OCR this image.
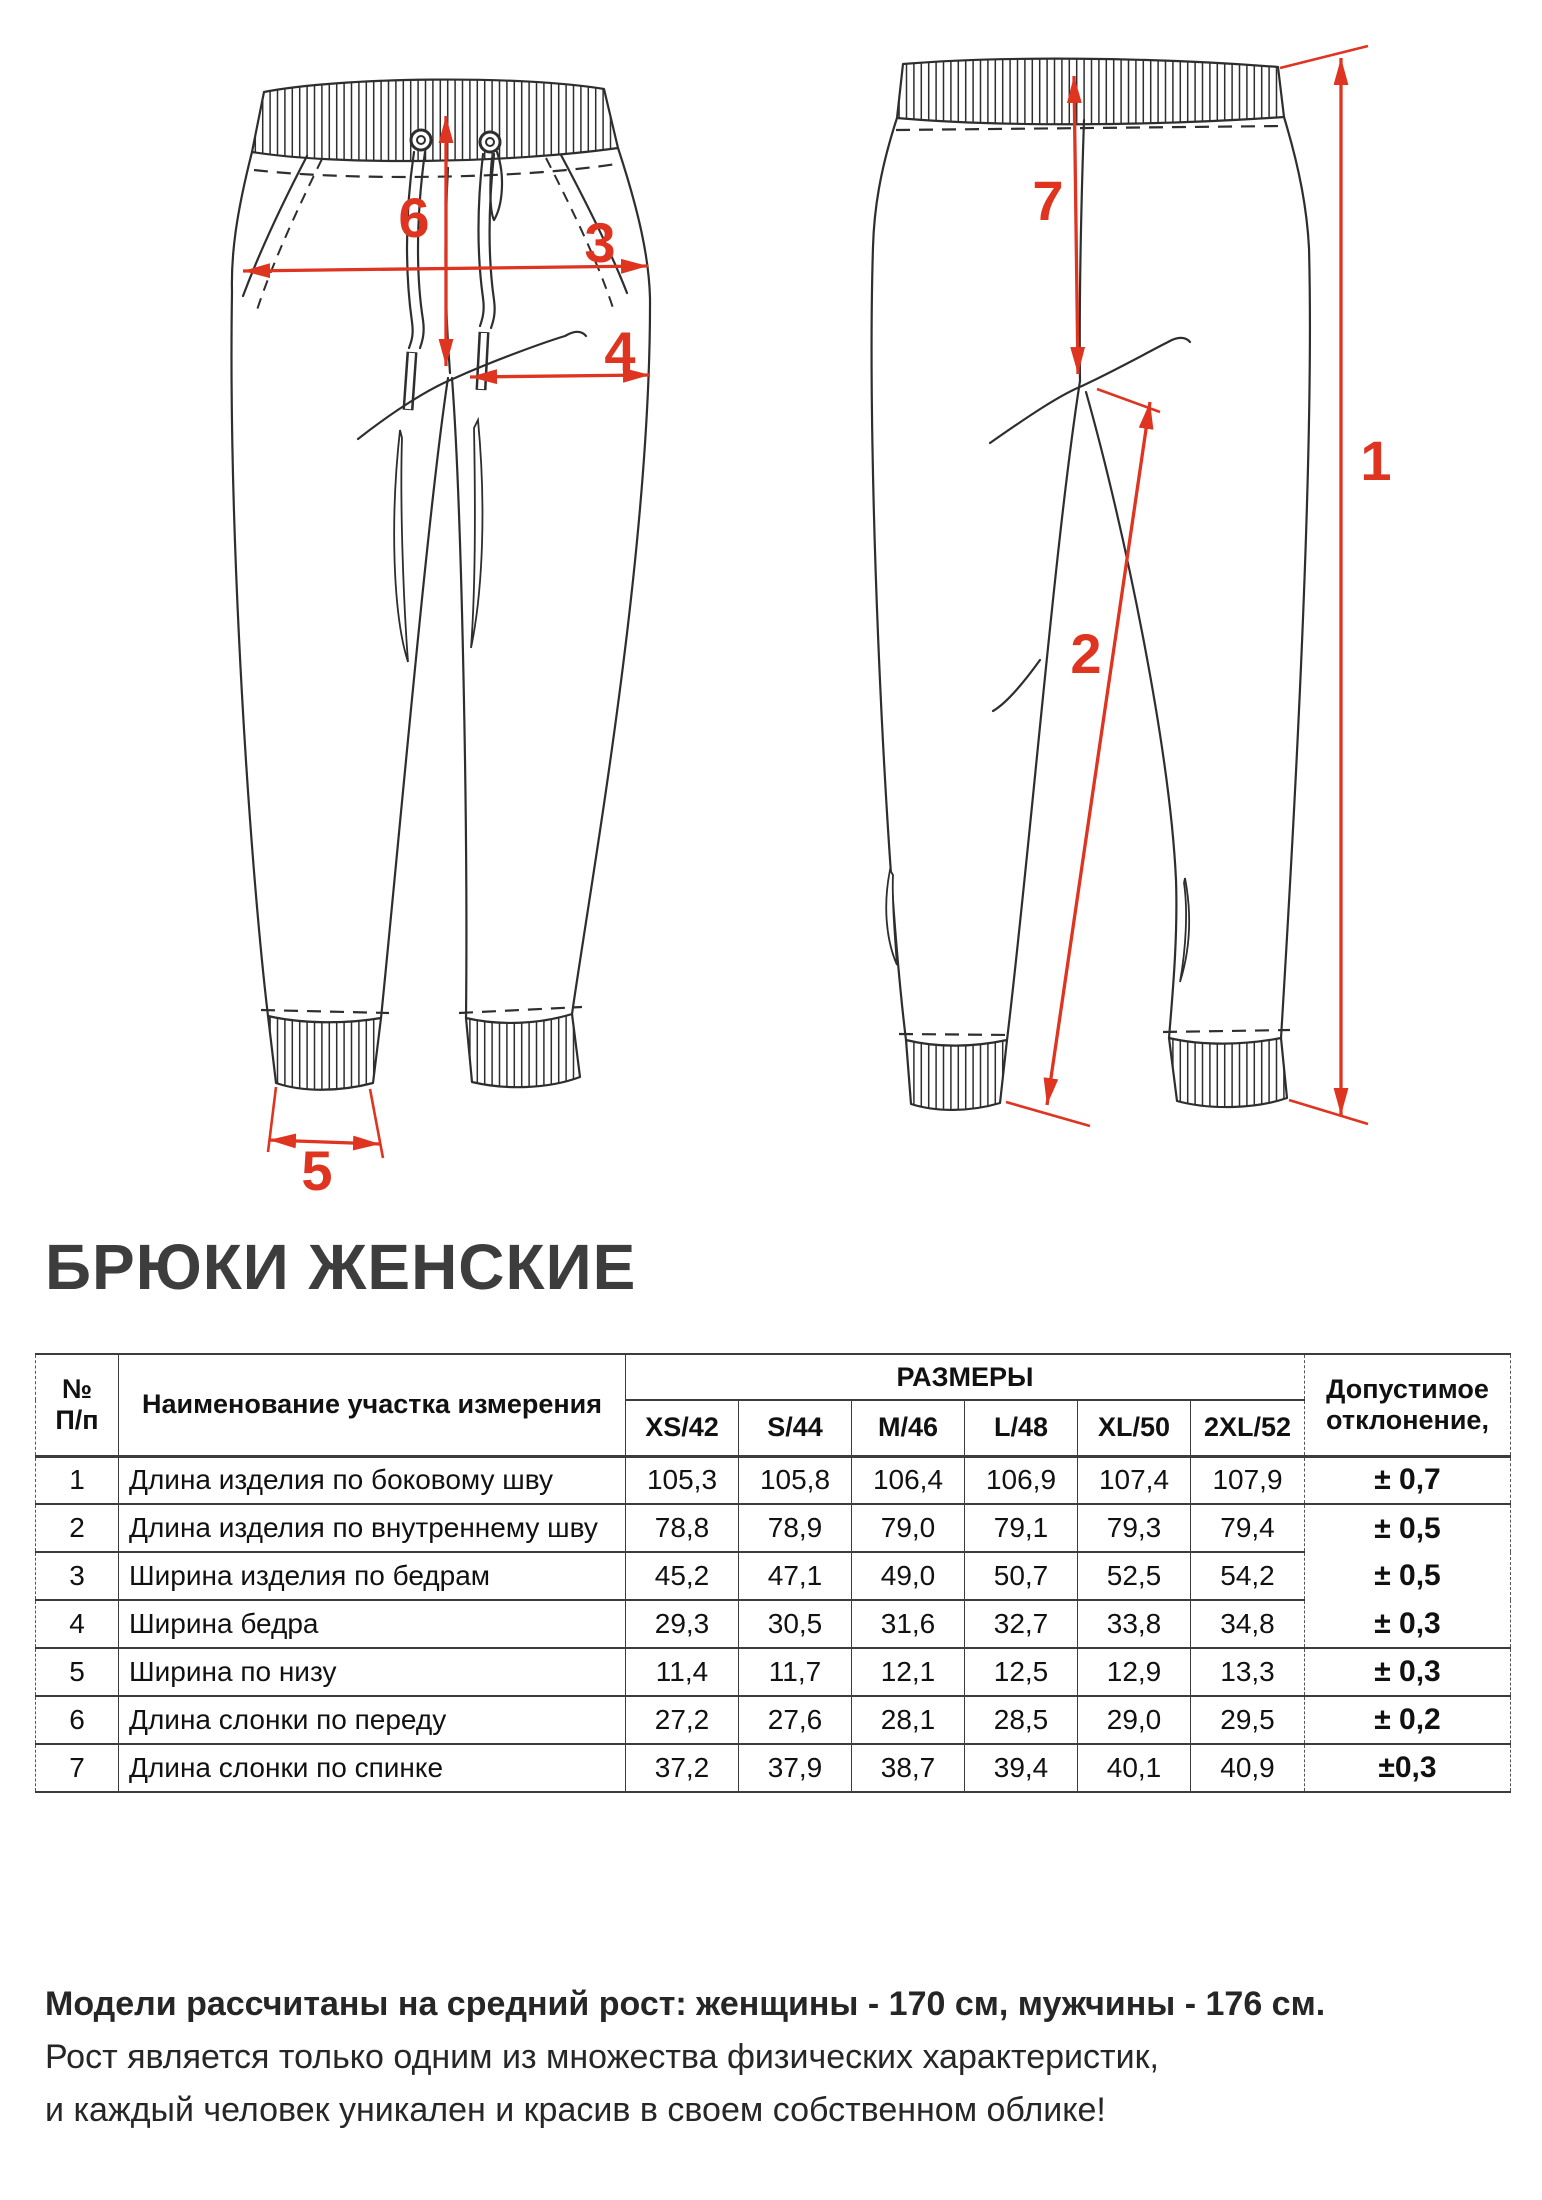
6	3
4
5
7
2
1
БРЮКИ ЖЕНСКИЕ
№
П/п	Наименование участка измерения	РАЗМЕРЫ						Допустимое отклонение,
		XS/42	S/44	M/46	L/48	XL/50	2XL/52	
1	Длина изделия по боковому шву	105,3	105,8	106,4	106,9	107,4	107,9	± 0,7
2	Длина изделия по внутреннему шву	78,8	78,9	79,0	79,1	79,3	79,4	± 0,5
3	Ширина изделия по бедрам	45,2	47,1	49,0	50,7	52,5	54,2	± 0,5
4	Ширина бедра	29,3	30,5	31,6	32,7	33,8	34,8	± 0,3
5	Ширина по низу	11,4	11,7	12,1	12,5	12,9	13,3	± 0,3
6	Длина слонки по переду	27,2	27,6	28,1	28,5	29,0	29,5	± 0,2
7	Длина слонки по спинке	37,2	37,9	38,7	39,4	40,1	40,9	±0,3

Модели рассчитаны на средний рост: женщины - 170 см, мужчины - 176 см.

Рост является только одним из множества физических характеристик,

и каждый человек уникален и красив в своем собственном облике!
